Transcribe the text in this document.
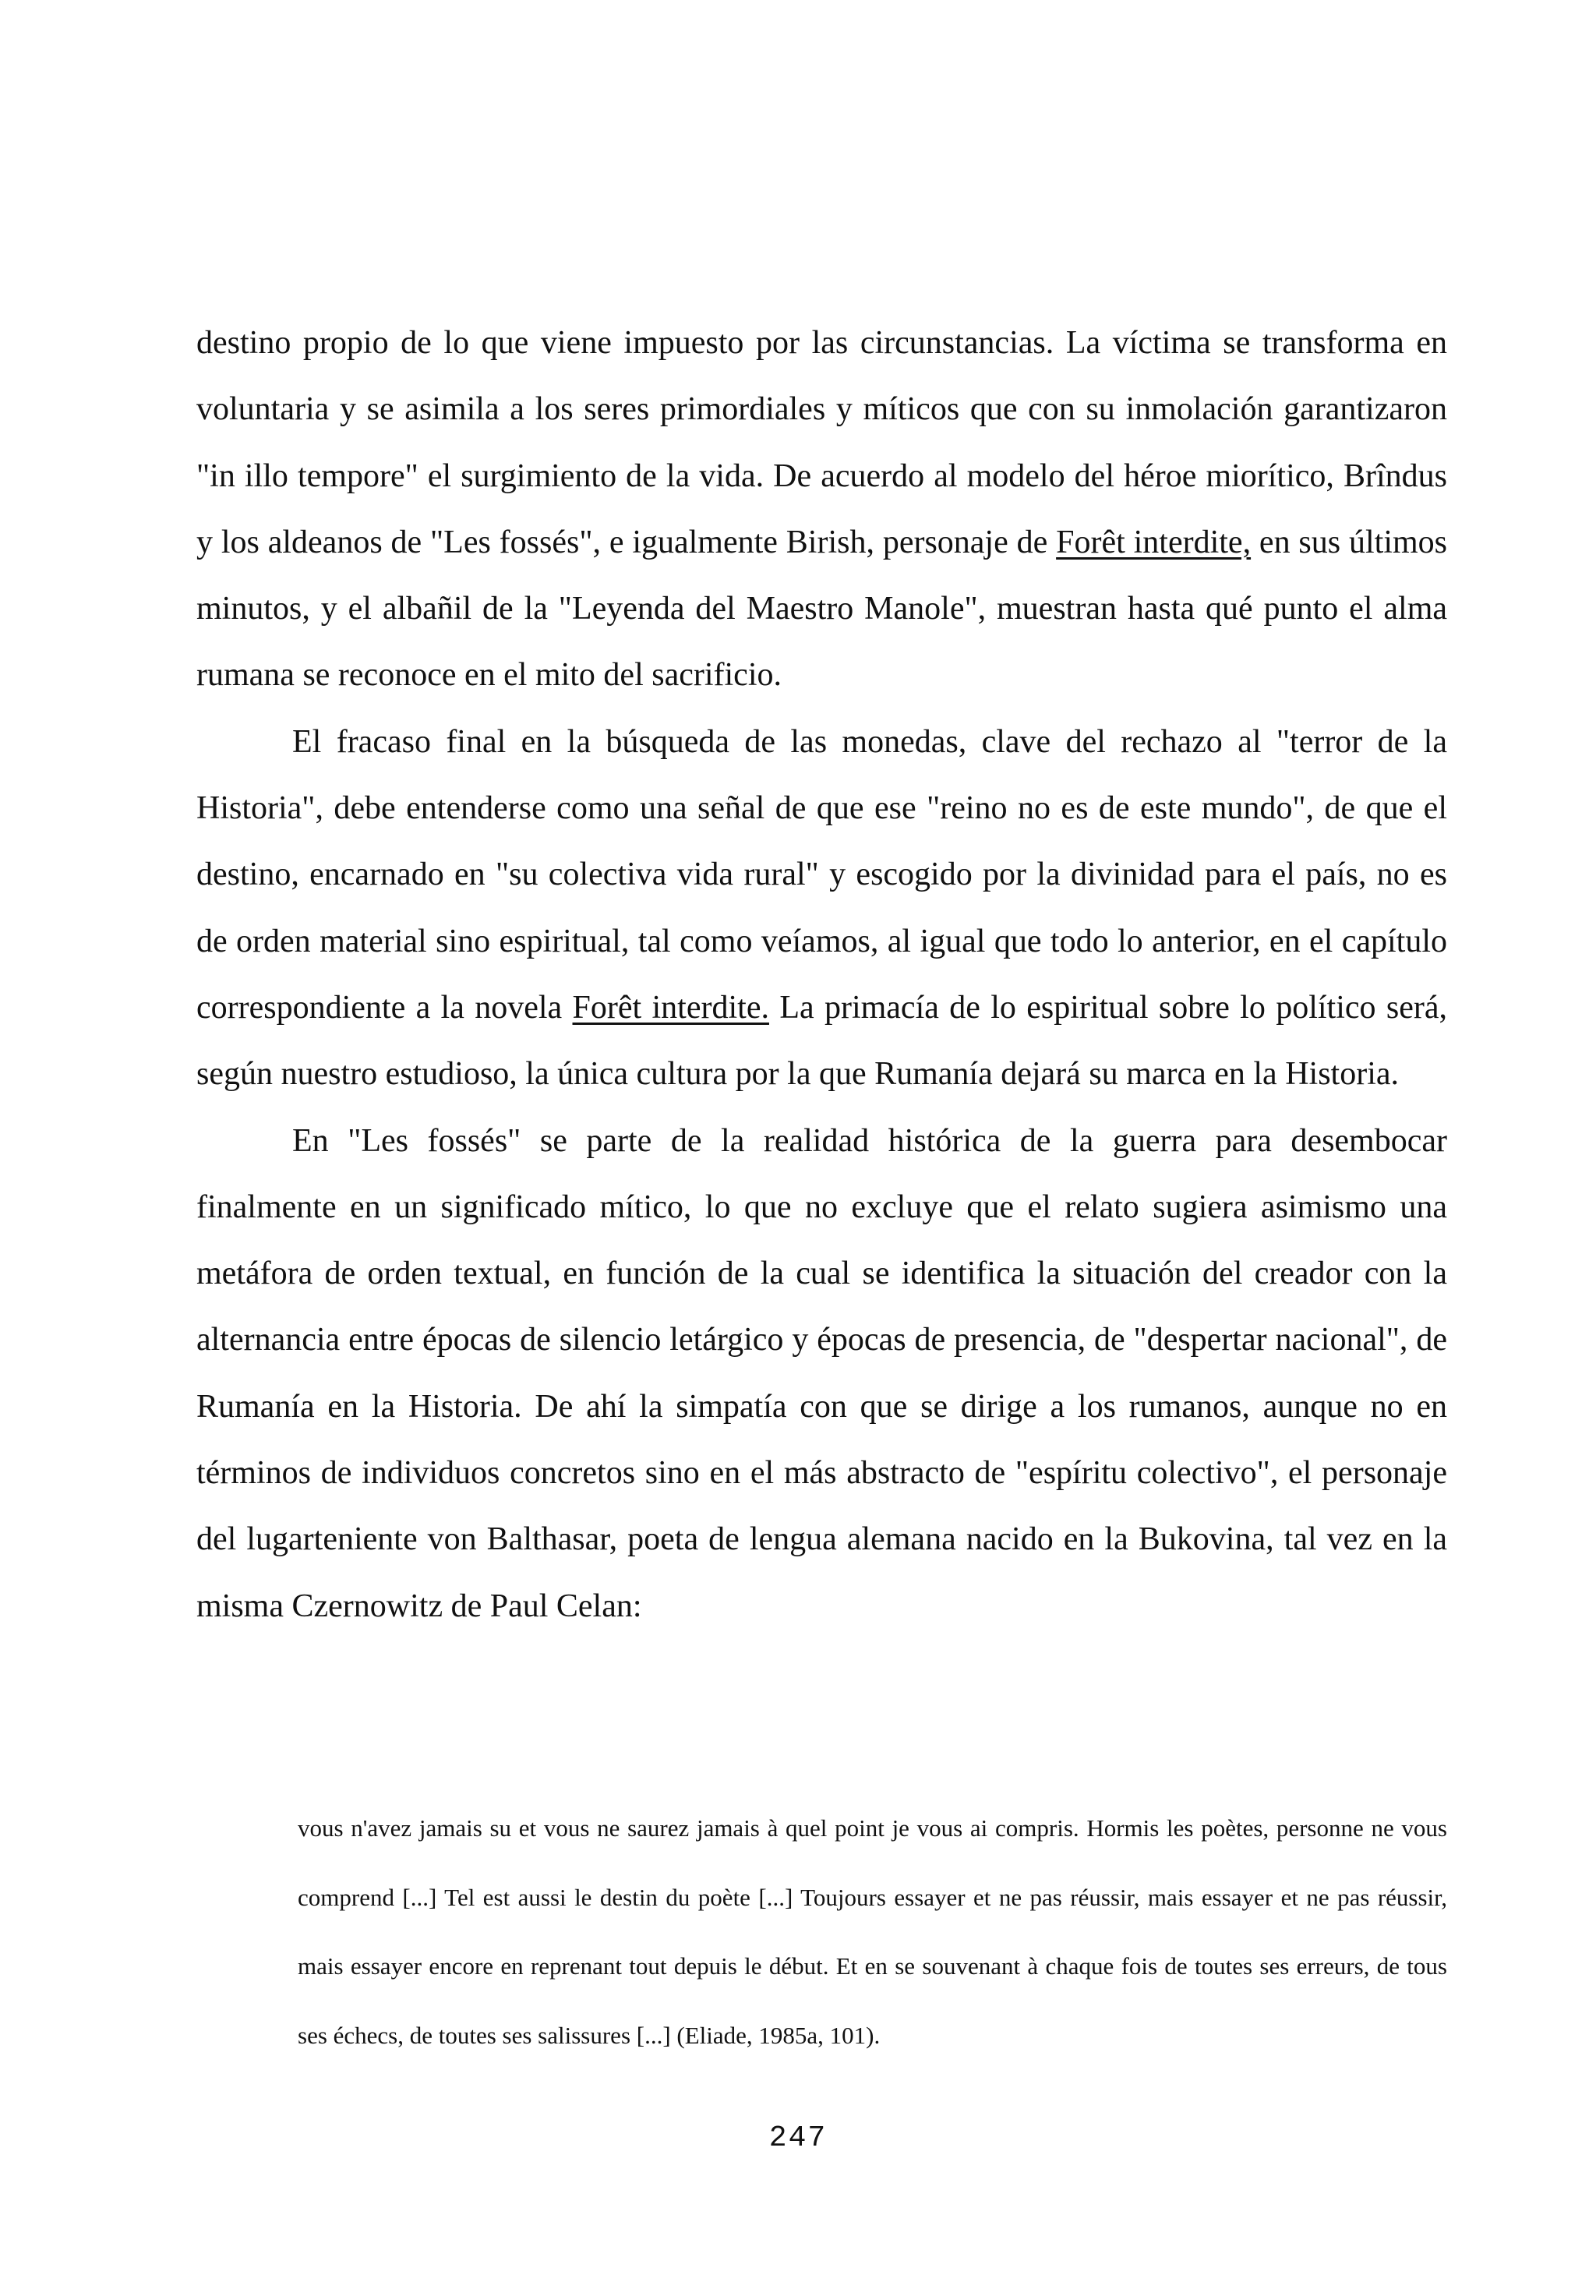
destino propio de lo que viene impuesto por las circunstancias. La víctima se transforma en voluntaria y se asimila a los seres primordiales y míticos que con su inmolación garantizaron "in illo tempore" el surgimiento de la vida. De acuerdo al modelo del héroe miorítico, Brîndus y los aldeanos de "Les fossés", e igualmente Birish, personaje de Forêt interdite, en sus últimos minutos, y el albañil de la "Leyenda del Maestro Manole", muestran hasta qué punto el alma rumana se reconoce en el mito del sacrificio.

El fracaso final en la búsqueda de las monedas, clave del rechazo al "terror de la Historia", debe entenderse como una señal de que ese "reino no es de este mundo", de que el destino, encarnado en "su colectiva vida rural" y escogido por la divinidad para el país, no es de orden material sino espiritual, tal como veíamos, al igual que todo lo anterior, en el capítulo correspondiente a la novela Forêt interdite. La primacía de lo espiritual sobre lo político será, según nuestro estudioso, la única cultura por la que Rumanía dejará su marca en la Historia.

En "Les fossés" se parte de la realidad histórica de la guerra para desembocar finalmente en un significado mítico, lo que no excluye que el relato sugiera asimismo una metáfora de orden textual, en función de la cual se identifica la situación del creador con la alternancia entre épocas de silencio letárgico y épocas de presencia, de "despertar nacional", de Rumanía en la Historia. De ahí la simpatía con que se dirige a los rumanos, aunque no en términos de individuos concretos sino en el más abstracto de "espíritu colectivo", el personaje del lugarteniente von Balthasar, poeta de lengua alemana nacido en la Bukovina, tal vez en la misma Czernowitz de Paul Celan:

vous n'avez jamais su et vous ne saurez jamais à quel point je vous ai compris. Hormis les poètes, personne ne vous comprend [...] Tel est aussi le destin du poète [...] Toujours essayer et ne pas réussir, mais essayer et ne pas réussir, mais essayer encore en reprenant tout depuis le début. Et en se souvenant à chaque fois de toutes ses erreurs, de tous ses échecs, de toutes ses salissures [...] (Eliade, 1985a, 101).

247
